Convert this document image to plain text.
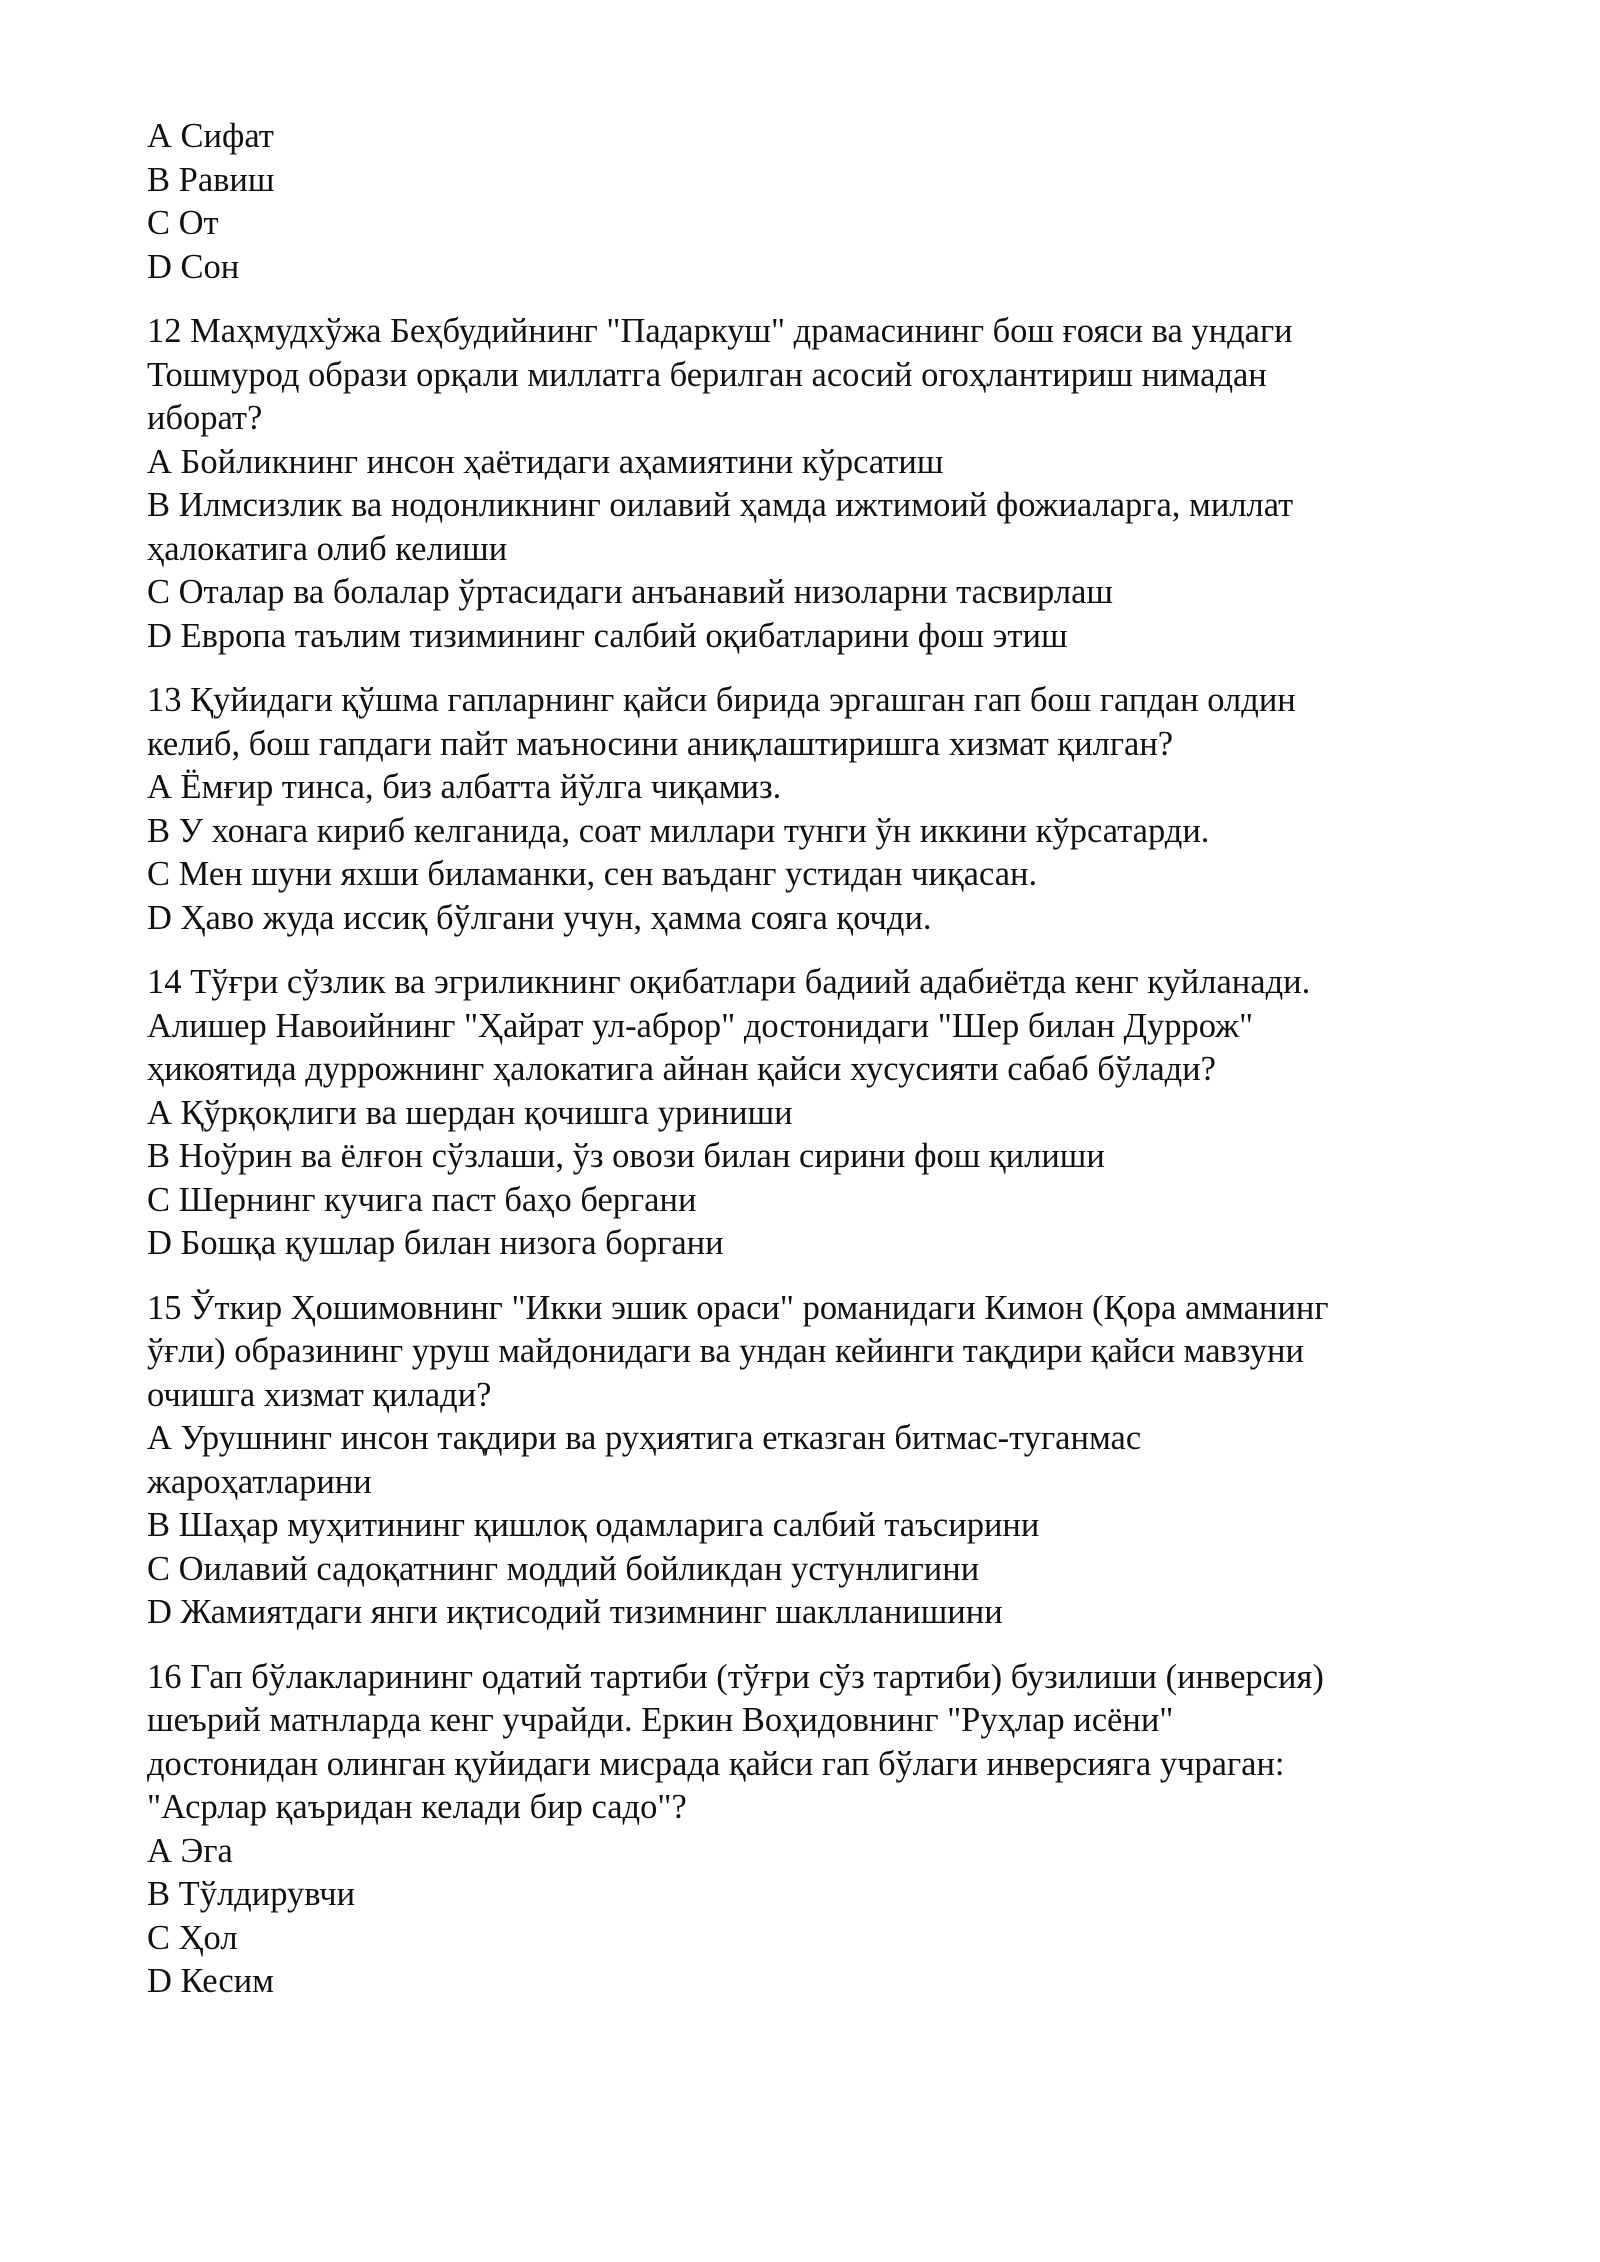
А Сифат
В Равиш
С От
D Сон
12 Маҳмудхўжа Беҳбудийнинг "Падаркуш" драмасининг бош ғояси ва ундаги
Тошмурод образи орқали миллатга берилган асосий огоҳлантириш нимадан
иборат?
А Бойликнинг инсон ҳаётидаги аҳамиятини кўрсатиш
В Илмсизлик ва нодонликнинг оилавий ҳамда ижтимоий фожиаларга, миллат
ҳалокатига олиб келиши
С Оталар ва болалар ўртасидаги анъанавий низоларни тасвирлаш
D Европа таълим тизимининг салбий оқибатларини фош этиш
13 Қуйидаги қўшма гапларнинг қайси бирида эргашган гап бош гапдан олдин
келиб, бош гапдаги пайт маъносини аниқлаштиришга хизмат қилган?
А Ёмғир тинса, биз албатта йўлга чиқамиз.
В У хонага кириб келганида, соат миллари тунги ўн иккини кўрсатарди.
С Мен шуни яхши биламанки, сен ваъданг устидан чиқасан.
D Ҳаво жуда иссиқ бўлгани учун, ҳамма сояга қочди.
14 Тўғри сўзлик ва эгриликнинг оқибатлари бадиий адабиётда кенг куйланади.
Алишер Навоийнинг "Ҳайрат ул-аброр" достонидаги "Шер билан Дуррож"
ҳикоятида дуррожнинг ҳалокатига айнан қайси хусусияти сабаб бўлади?
А Қўрқоқлиги ва шердан қочишга уриниши
В Ноўрин ва ёлғон сўзлаши, ўз овози билан сирини фош қилиши
С Шернинг кучига паст баҳо бергани
D Бошқа қушлар билан низога боргани
15 Ўткир Ҳошимовнинг "Икки эшик ораси" романидаги Кимон (Қора амманинг
ўғли) образининг уруш майдонидаги ва ундан кейинги тақдири қайси мавзуни
очишга хизмат қилади?
А Урушнинг инсон тақдири ва руҳиятига етказган битмас-туганмас
жароҳатларини
В Шаҳар муҳитининг қишлоқ одамларига салбий таъсирини
С Оилавий садоқатнинг моддий бойликдан устунлигини
D Жамиятдаги янги иқтисодий тизимнинг шаклланишини
16 Гап бўлакларининг одатий тартиби (тўғри сўз тартиби) бузилиши (инверсия)
шеърий матнларда кенг учрайди. Еркин Воҳидовнинг "Руҳлар исёни"
достонидан олинган қуйидаги мисрада қайси гап бўлаги инверсияга учраган:
"Асрлар қаъридан келади бир садо"?
А Эга
В Тўлдирувчи
С Ҳол
D Кесим
